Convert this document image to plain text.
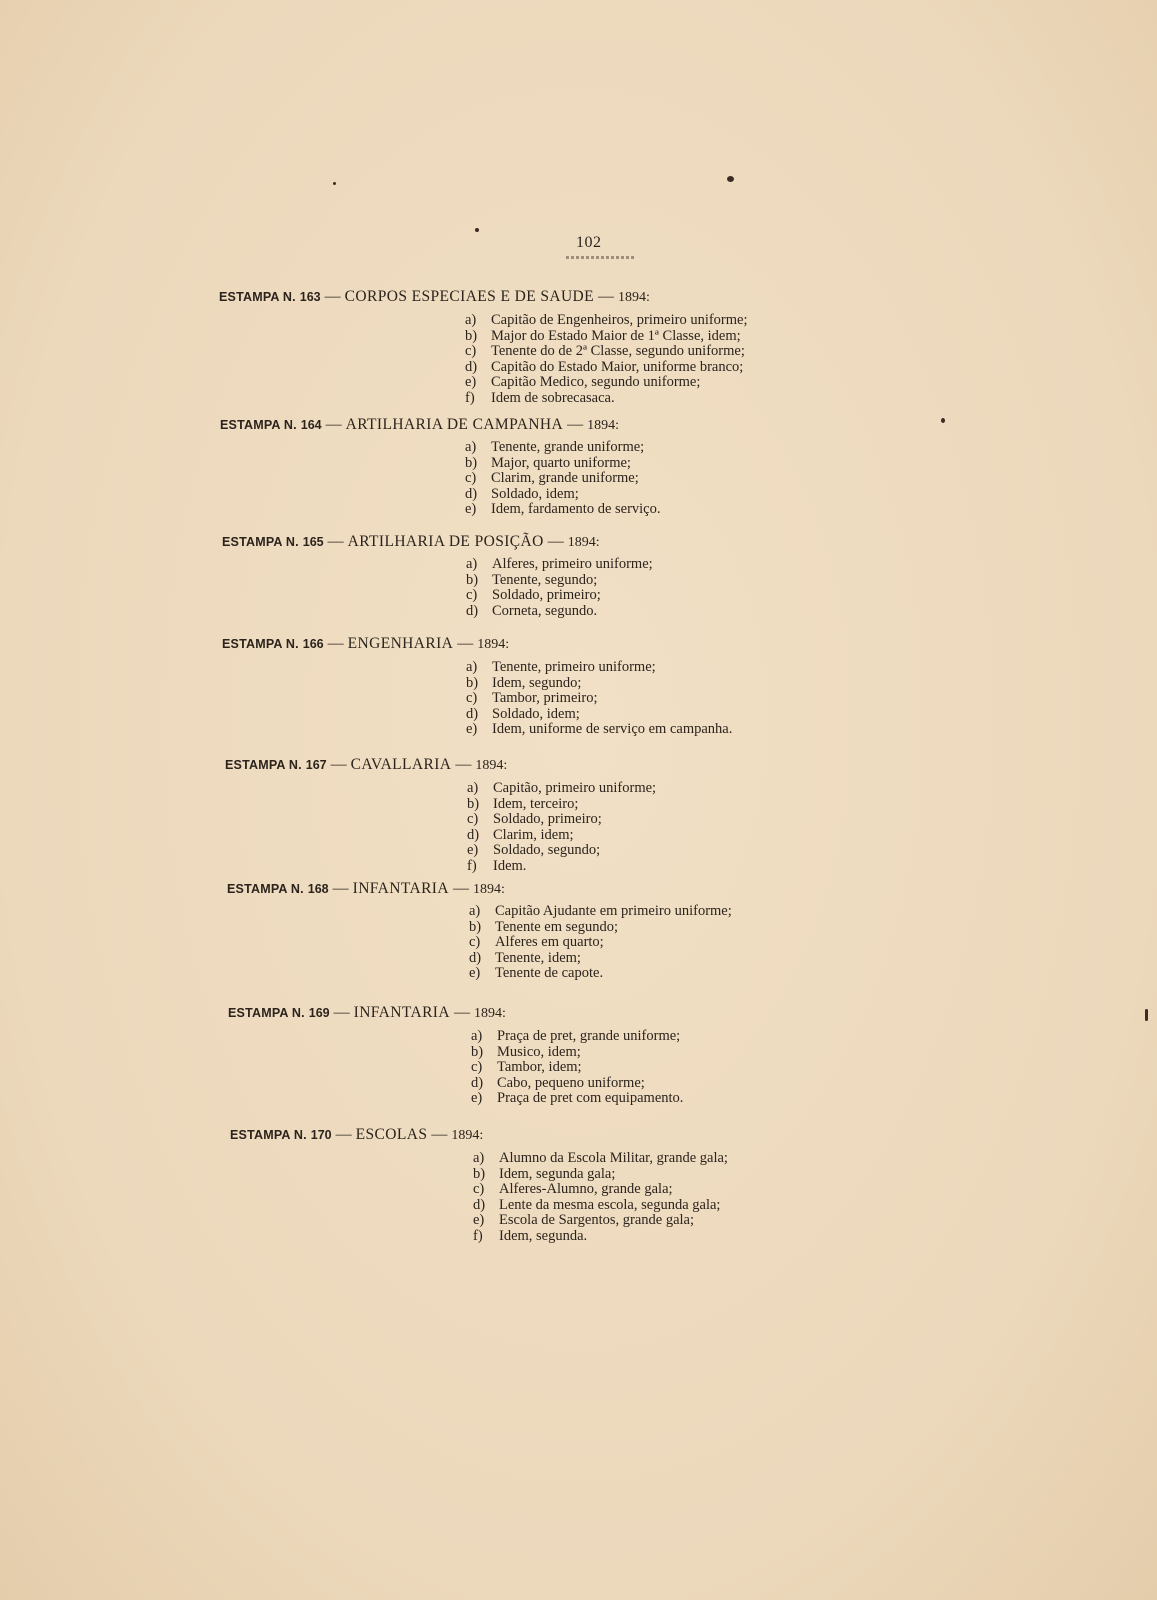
102
ESTAMPA N. 163 — CORPOS ESPECIAES E DE SAUDE — 1894:
a)	Capitão de Engenheiros, primeiro uniforme;
b) Major do Estado Maior de 1ª Classe, idem;
c)	Tenente do de 2ª Classe, segundo uniforme;
d) Capitão do Estado Maior, uniforme branco;
e)	Capitão Medico, segundo uniforme;
f)	Idem de sobrecasaca.
ESTAMPA N. 164 — ARTILHARIA DE CAMPANHA — 1894:
a)	Tenente, grande uniforme;
b) Major, quarto uniforme;
c)	Clarim, grande uniforme;
d) Soldado, idem;
e)	Idem, fardamento de serviço.
ESTAMPA N. 165 — ARTILHARIA DE POSIÇÃO — 1894:
a)	Alferes, primeiro uniforme;
b) Tenente, segundo;
c)	Soldado, primeiro;
d) Corneta, segundo.
ESTAMPA N. 166 — ENGENHARIA — 1894:
a)	Tenente, primeiro uniforme;
b) Idem, segundo;
c)	Tambor, primeiro;
d) Soldado, idem;
e)	Idem, uniforme de serviço em campanha.
ESTAMPA N. 167 — CAVALLARIA — 1894:
a)	Capitão, primeiro uniforme;
b) Idem, terceiro;
c)	Soldado, primeiro;
d) Clarim, idem;
e)	Soldado, segundo;
f)	Idem.
ESTAMPA N. 168 — INFANTARIA — 1894:
a)	Capitão Ajudante em primeiro uniforme;
b) Tenente em segundo;
c)	Alferes em quarto;
d) Tenente, idem;
e)	Tenente de capote.
ESTAMPA N. 169 — INFANTARIA — 1894:
a)	Praça de pret, grande uniforme;
b) Musico, idem;
c)	Tambor, idem;
d) Cabo, pequeno uniforme;
e)	Praça de pret com equipamento.
ESTAMPA N. 170 — ESCOLAS — 1894:
a)	Alumno da Escola Militar, grande gala;
b) Idem, segunda gala;
c)	Alferes-Alumno, grande gala;
d) Lente da mesma escola, segunda gala;
e)	Escola de Sargentos, grande gala;
f)	Idem, segunda.
